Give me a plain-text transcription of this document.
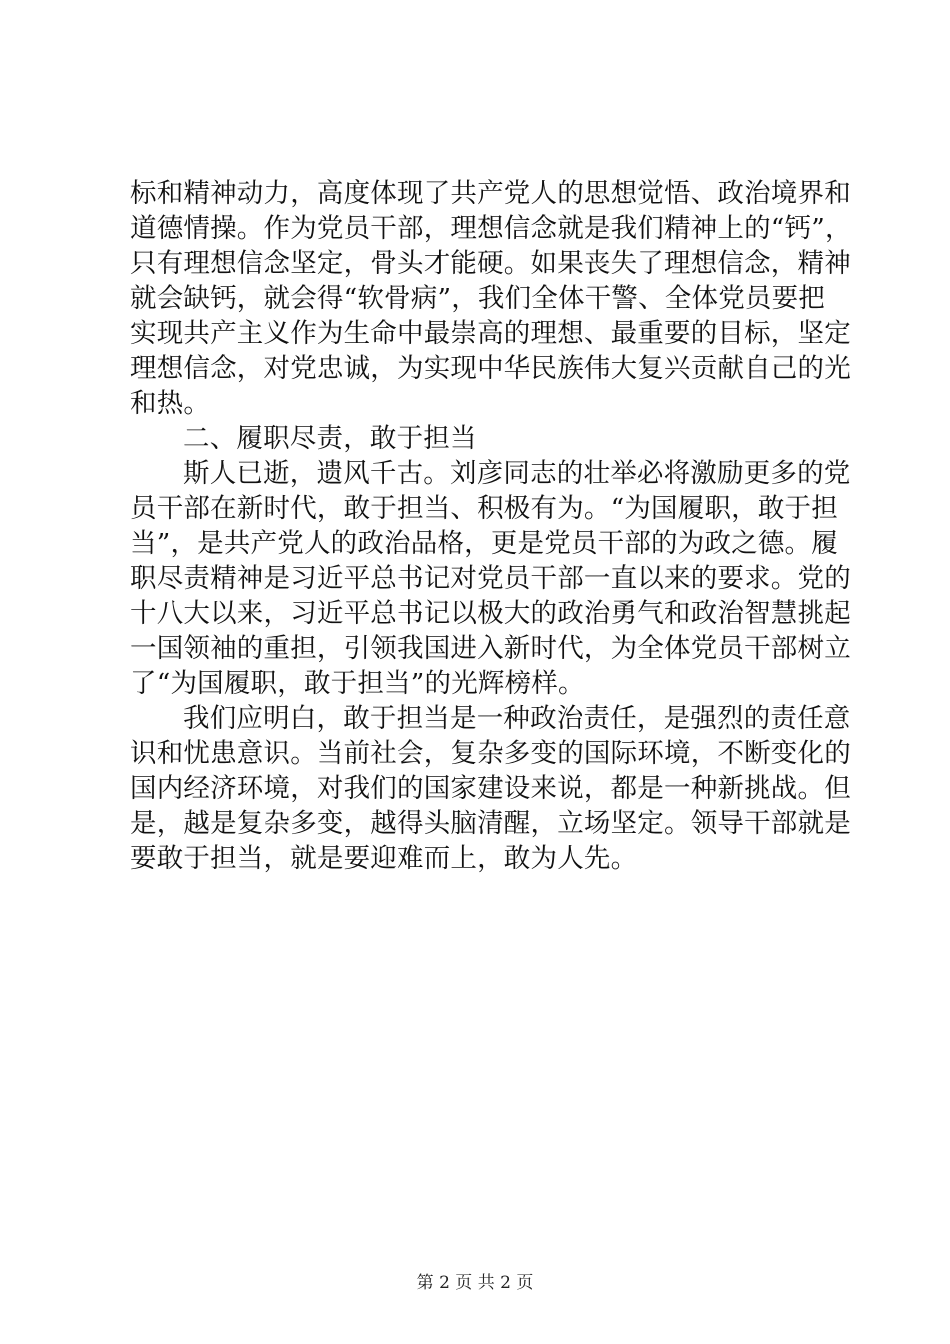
标和精神动力，高度体现了共产党人的思想觉悟、政治境界和
道德情操。作为党员干部，理想信念就是我们精神上的“钙”，
只有理想信念坚定，骨头才能硬。如果丧失了理想信念，精神
就会缺钙，就会得“软骨病”，我们全体干警、全体党员要把
实现共产主义作为生命中最崇高的理想、最重要的目标，坚定
理想信念，对党忠诚，为实现中华民族伟大复兴贡献自己的光
和热。
二、履职尽责，敢于担当
斯人已逝，遗风千古。刘彦同志的壮举必将激励更多的党
员干部在新时代，敢于担当、积极有为。“为国履职，敢于担
当”，是共产党人的政治品格，更是党员干部的为政之德。履
职尽责精神是习近平总书记对党员干部一直以来的要求。党的
十八大以来，习近平总书记以极大的政治勇气和政治智慧挑起
一国领袖的重担，引领我国进入新时代，为全体党员干部树立
了“为国履职，敢于担当”的光辉榜样。
我们应明白，敢于担当是一种政治责任，是强烈的责任意
识和忧患意识。当前社会，复杂多变的国际环境，不断变化的
国内经济环境，对我们的国家建设来说，都是一种新挑战。但
是，越是复杂多变，越得头脑清醒，立场坚定。领导干部就是
要敢于担当，就是要迎难而上，敢为人先。
第 2 页 共 2 页
